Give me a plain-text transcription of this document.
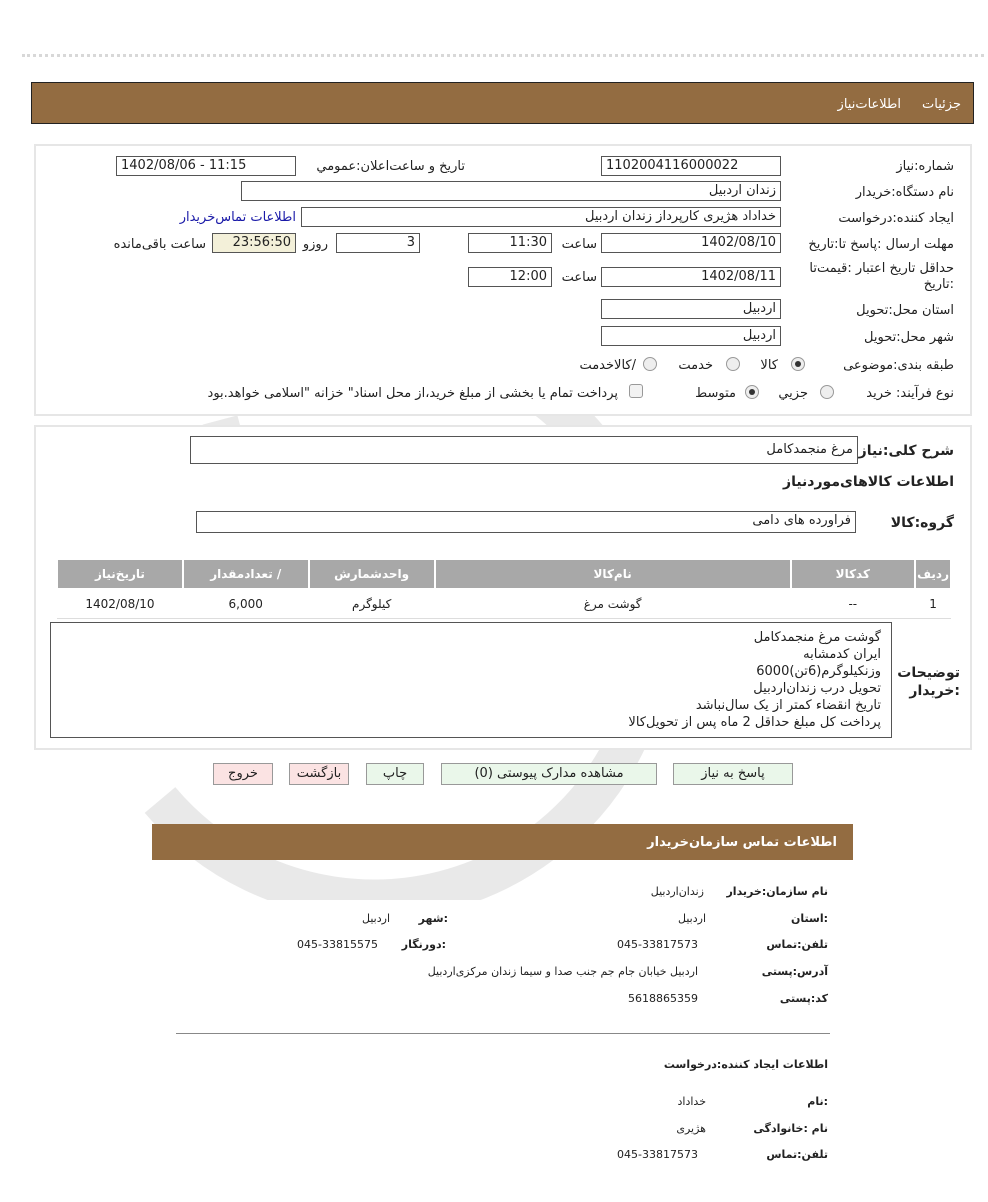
جزئیات
اطلاعات‌نیاز
شماره:نیاز
1102004116000022
تاریخ و ساعت‌اعلان:عمومي
1402/08/06 - 11:15
نام دستگاه:خریدار
زندان اردبیل
ایجاد کننده:درخواست
خداداد هژیری کارپرداز زندان اردبیل
اطلاعات تماس‌خریدار
مهلت ارسال :پاسخ تا:تاریخ
1402/08/10
ساعت
11:30
3
روزو
23:56:50
ساعت باقی‌مانده
حداقل تاریخ اعتبار :قیمت‌تا :تاریخ
1402/08/11
ساعت
12:00
استان محل:تحویل
اردبیل
شهر محل:تحویل
اردبیل
طبقه بندی:موضوعی
کالا
خدمت
/کالاخدمت
نوع فرآیند: خرید
جزیي
متوسط
پرداخت تمام یا بخشی از مبلغ خرید،از محل اسناد" خزانه "اسلامی خواهد.بود
شرح کلی:نیاز
مرغ منجمدکامل
اطلاعات کالاهای‌موردنیاز
گروه:کالا
فراورده های دامی
ردیف	کدکالا	نام‌کالا	واحدشمارش	/ تعدادمقدار	تاریخ‌نیاز
1	--	گوشت مرغ	کیلوگرم	6,000	1402/08/10
توضیحات :خریدار
گوشت مرغ منجمدکامل
ایران کدمشابه
وزنکیلوگرم(6تن)6000
تحویل درب زندان‌اردبیل
تاریخ انقضاء کمتر از یک سال‌نباشد
پرداخت کل مبلغ حداقل 2 ماه پس از تحویل‌کالا
پاسخ به نیاز
مشاهده مدارک پیوستی (0)
چاپ
بازگشت
خروج
اطلاعات تماس سازمان‌خریدار
نام سازمان:خریدار
زندان‌اردبیل
:استان
اردبیل
:شهر
اردبیل
تلفن:تماس
045-33817573
:دورنگار
045-33815575
آدرس:پستی
اردبیل خیابان جام جم جنب صدا و سیما زندان مرکزی‌اردبیل
کد:پستی
5618865359
اطلاعات ایجاد کننده:درخواست
:نام
خداداد
نام :خانوادگی
هژیری
تلفن:تماس
045-33817573
